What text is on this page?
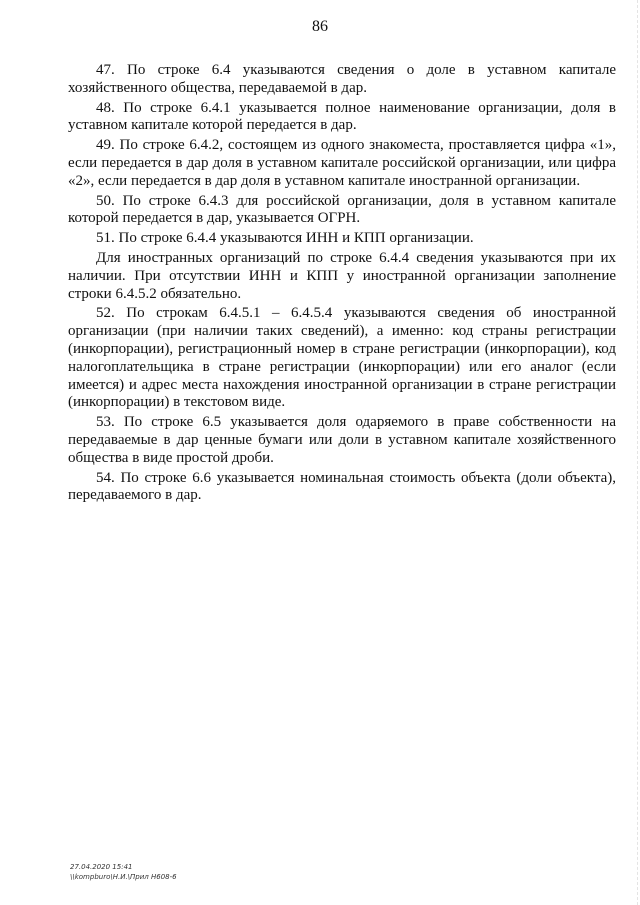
86

47. По строке 6.4 указываются сведения о доле в уставном капитале хозяйственного общества, передаваемой в дар.

48. По строке 6.4.1 указывается полное наименование организации, доля в уставном капитале которой передается в дар.

49. По строке 6.4.2, состоящем из одного знакоместа, проставляется цифра «1», если передается в дар доля в уставном капитале российской организации, или цифра «2», если передается в дар доля в уставном капитале иностранной организации.

50. По строке 6.4.3 для российской организации, доля в уставном капитале которой передается в дар, указывается ОГРН.

51. По строке 6.4.4 указываются ИНН и КПП организации.

Для иностранных организаций по строке 6.4.4 сведения указываются при их наличии. При отсутствии ИНН и КПП у иностранной организации заполнение строки 6.4.5.2 обязательно.

52. По строкам 6.4.5.1 – 6.4.5.4 указываются сведения об иностранной организации (при наличии таких сведений), а именно: код страны регистрации (инкорпорации), регистрационный номер в стране регистрации (инкорпорации), код налогоплательщика в стране регистрации (инкорпорации) или его аналог (если имеется) и адрес места нахождения иностранной организации в стране регистрации (инкорпорации) в текстовом виде.

53. По строке 6.5 указывается доля одаряемого в праве собственности на передаваемые в дар ценные бумаги или доли в уставном капитале хозяйственного общества в виде простой дроби.

54. По строке 6.6 указывается номинальная стоимость объекта (доли объекта), передаваемого в дар.

27.04.2020 15:41
\\kompburo\Н.И.\Прил Н608-6
